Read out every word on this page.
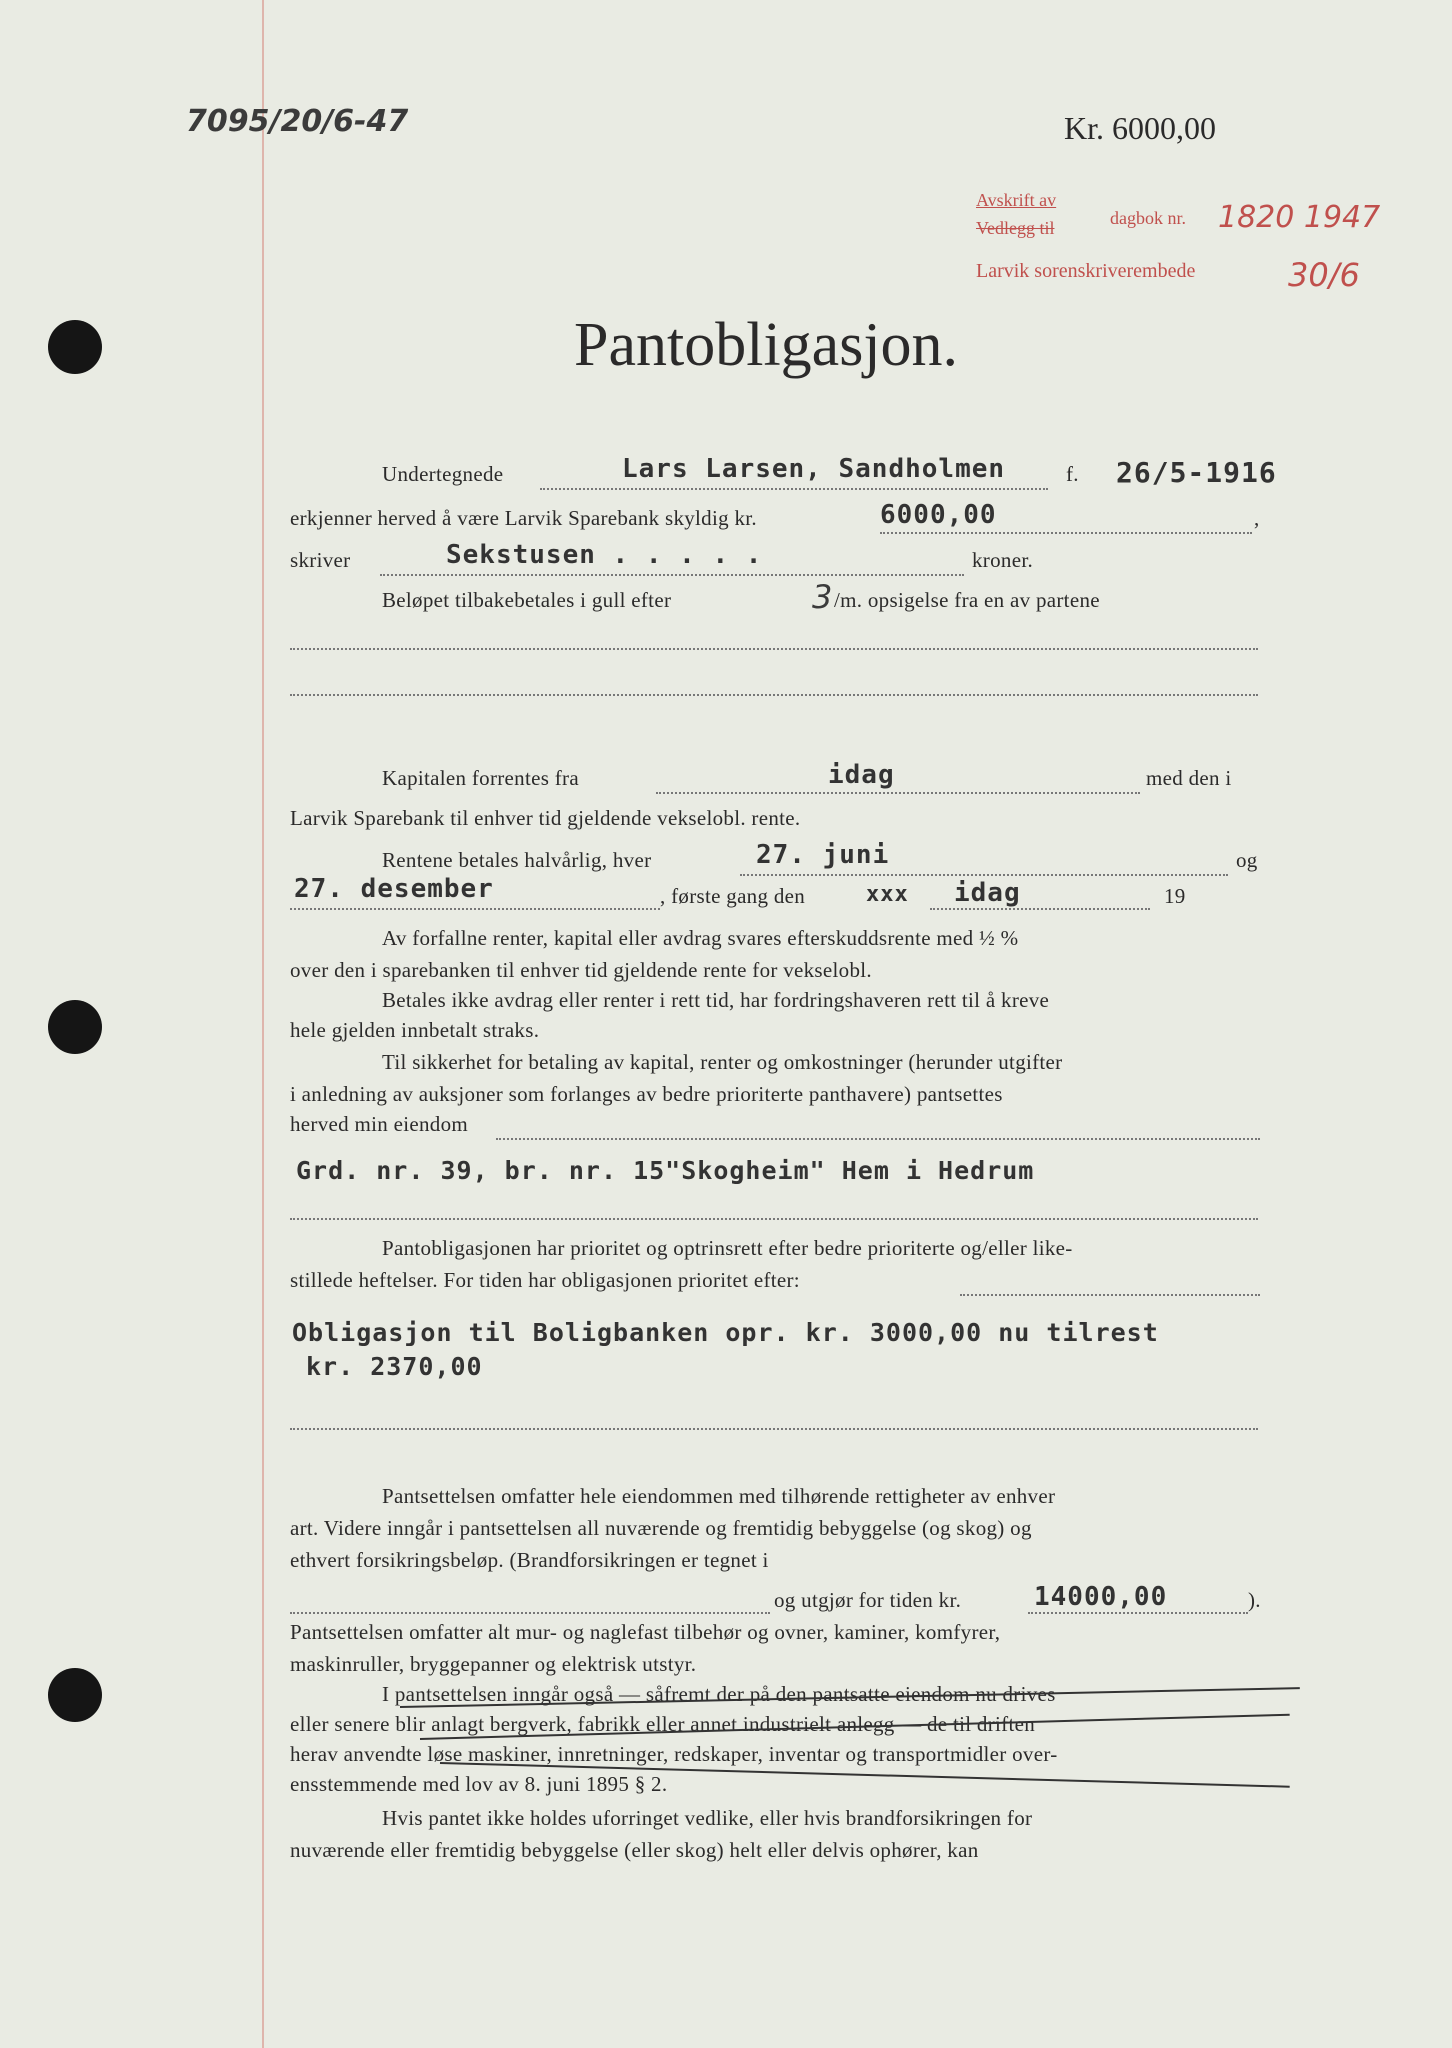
7095/20/6-47	Kr. 6000,00
Avskrift av
dagbok nr.
Vedlegg til
Larvik sorenskriverembede
1820 1947
30/6
Pantobligasjon.
Undertegnede	Lars Larsen, Sandholmen	f. 26/5-1916
erkjenner herved å være Larvik Sparebank skyldig kr.	6000,00	,
skriver	Sekstusen . . . . .	kroner.
Beløpet tilbakebetales i gull efter	3 /m. opsigelse fra en av partene
Kapitalen forrentes fra	idag	med den i
Larvik Sparebank til enhver tid gjeldende vekselobl. rente.
Rentene betales halvårlig, hver	27. juni	og
27. desember	, første gang den	xxx idag	19
Av forfallne renter, kapital eller avdrag svares efterskuddsrente med ½ %
over den i sparebanken til enhver tid gjeldende rente for vekselobl.
Betales ikke avdrag eller renter i rett tid, har fordringshaveren rett til å kreve
hele gjelden innbetalt straks.
Til sikkerhet for betaling av kapital, renter og omkostninger (herunder utgifter
i anledning av auksjoner som forlanges av bedre prioriterte panthavere) pantsettes
herved min eiendom
Grd. nr. 39, br. nr. 15"Skogheim" Hem i Hedrum
Pantobligasjonen har prioritet og optrinsrett efter bedre prioriterte og/eller like-
stillede heftelser. For tiden har obligasjonen prioritet efter:
Obligasjon til Boligbanken opr. kr. 3000,00 nu tilrest
kr. 2370,00
Pantsettelsen omfatter hele eiendommen med tilhørende rettigheter av enhver
art. Videre inngår i pantsettelsen all nuværende og fremtidig bebyggelse (og skog) og
ethvert forsikringsbeløp. (Brandforsikringen er tegnet i
og utgjør for tiden kr.	14000,00	).
Pantsettelsen omfatter alt mur- og naglefast tilbehør og ovner, kaminer, komfyrer,
maskinruller, bryggepanner og elektrisk utstyr.
I pantsettelsen inngår også — såfremt der på den pantsatte eiendom nu drives
eller senere blir anlagt bergverk, fabrikk eller annet industrielt anlegg — de til driften
herav anvendte løse maskiner, innretninger, redskaper, inventar og transportmidler over-
ensstemmende med lov av 8. juni 1895 § 2.
Hvis pantet ikke holdes uforringet vedlike, eller hvis brandforsikringen for
nuværende eller fremtidig bebyggelse (eller skog) helt eller delvis ophører, kan
